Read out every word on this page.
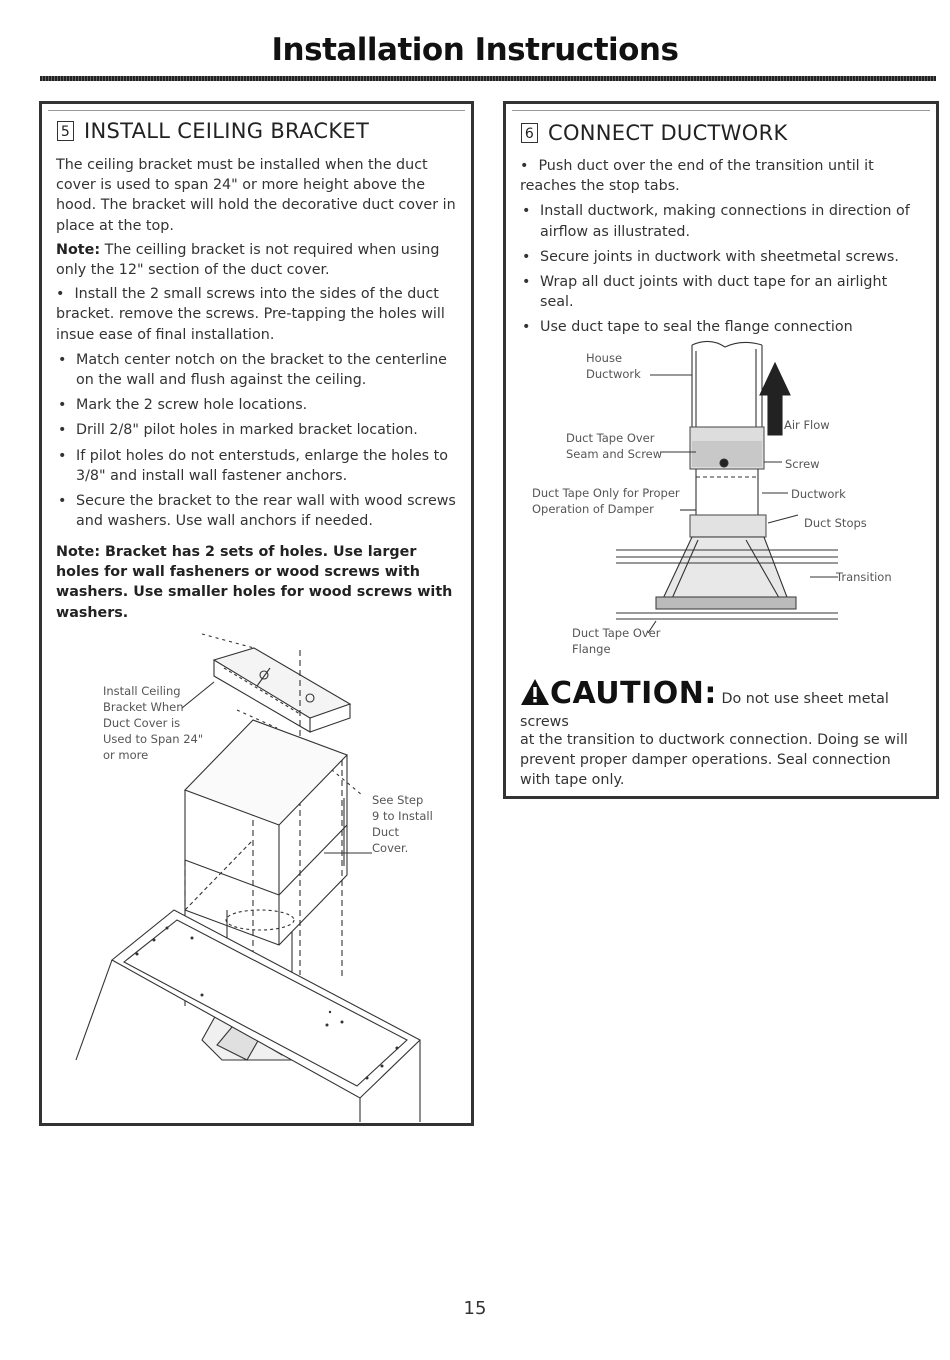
Installation Instructions
5 INSTALL CEILING BRACKET

The ceiling bracket must be installed when the duct cover is used to span 24" or more height above the hood. The bracket will hold the decorative duct cover in place at the top.

Note: The ceilling bracket is not required when using only the 12" section of the duct cover.

• Install the 2 small screws into the sides of the duct bracket. remove the screws. Pre-tapping the holes will insue ease of final installation.
• Match center notch on the bracket to the centerline on the wall and flush against the ceiling.
• Mark the 2 screw hole locations.
• Drill 2/8" pilot holes in marked bracket location.
• If pilot holes do not enterstuds, enlarge the holes to 3/8" and install wall fastener anchors.
• Secure the bracket to the rear wall with wood screws and washers. Use wall anchors if needed.
Note: Bracket has 2 sets of holes. Use larger holes for wall fasheners or wood screws with washers. Use smaller holes for wood screws with washers.
Install Ceiling
Bracket When
Duct Cover is
Used to Span 24"
or more
See Step
9 to Install
Duct
Cover.
6 CONNECT DUCTWORK
• Push duct over the end of the transition until it reaches the stop tabs.
• Install ductwork, making connections in direction of airflow as illustrated.
• Secure joints in ductwork with sheetmetal screws.
• Wrap all duct joints with duct tape for an airlight seal.
• Use duct tape to seal the flange connection
House
Ductwork
Air Flow
Duct Tape Over
Seam and Screw
Screw
Duct Tape Only for Proper
Operation of Damper
Ductwork
Duct Stops
Transition
Duct Tape Over
Flange
CAUTION: Do not use sheet metal screws
at the transition to ductwork connection. Doing se will prevent proper damper operations. Seal connection with tape only.
15
